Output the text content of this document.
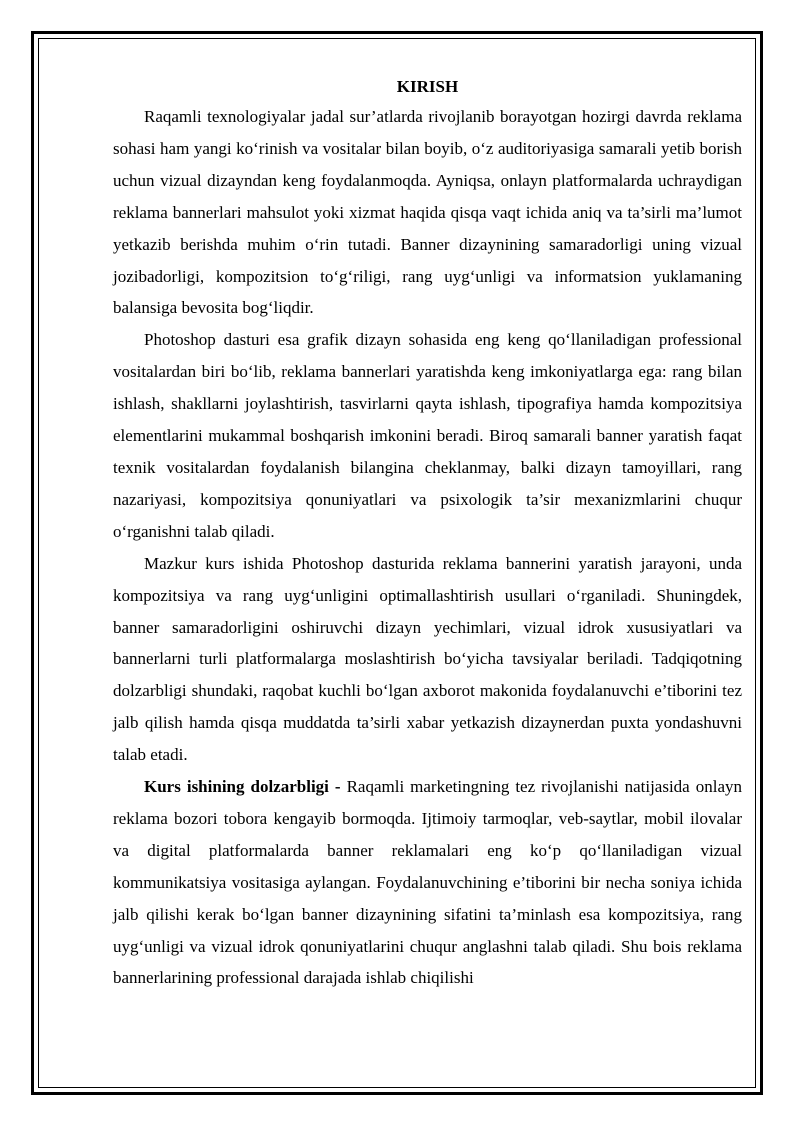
KIRISH

Raqamli texnologiyalar jadal sur’atlarda rivojlanib borayotgan hozirgi davrda reklama sohasi ham yangi koʻrinish va vositalar bilan boyib, oʻz auditoriyasiga samarali yetib borish uchun vizual dizayndan keng foydalanmoqda. Ayniqsa, onlayn platformalarda uchraydigan reklama bannerlari mahsulot yoki xizmat haqida qisqa vaqt ichida aniq va ta’sirli ma’lumot yetkazib berishda muhim oʻrin tutadi. Banner dizaynining samaradorligi uning vizual jozibadorligi, kompozitsion toʻgʻriligi, rang uygʻunligi va informatsion yuklamaning balansiga bevosita bogʻliqdir.

Photoshop dasturi esa grafik dizayn sohasida eng keng qoʻllaniladigan professional vositalardan biri boʻlib, reklama bannerlari yaratishda keng imkoniyatlarga ega: rang bilan ishlash, shakllarni joylashtirish, tasvirlarni qayta ishlash, tipografiya hamda kompozitsiya elementlarini mukammal boshqarish imkonini beradi. Biroq samarali banner yaratish faqat texnik vositalardan foydalanish bilangina cheklanmay, balki dizayn tamoyillari, rang nazariyasi, kompozitsiya qonuniyatlari va psixologik ta’sir mexanizmlarini chuqur oʻrganishni talab qiladi.

Mazkur kurs ishida Photoshop dasturida reklama bannerini yaratish jarayoni, unda kompozitsiya va rang uygʻunligini optimallashtirish usullari oʻrganiladi. Shuningdek, banner samaradorligini oshiruvchi dizayn yechimlari, vizual idrok xususiyatlari va bannerlarni turli platformalarga moslashtirish boʻyicha tavsiyalar beriladi. Tadqiqotning dolzarbligi shundaki, raqobat kuchli boʻlgan axborot makonida foydalanuvchi e’tiborini tez jalb qilish hamda qisqa muddatda ta’sirli xabar yetkazish dizaynerdan puxta yondashuvni talab etadi.

Kurs ishining dolzarbligi - Raqamli marketingning tez rivojlanishi natijasida onlayn reklama bozori tobora kengayib bormoqda. Ijtimoiy tarmoqlar, veb-saytlar, mobil ilovalar va digital platformalarda banner reklamalari eng koʻp qoʻllaniladigan vizual kommunikatsiya vositasiga aylangan. Foydalanuvchining e’tiborini bir necha soniya ichida jalb qilishi kerak boʻlgan banner dizaynining sifatini ta’minlash esa kompozitsiya, rang uygʻunligi va vizual idrok qonuniyatlarini chuqur anglashni talab qiladi. Shu bois reklama bannerlarining professional darajada ishlab chiqilishi
